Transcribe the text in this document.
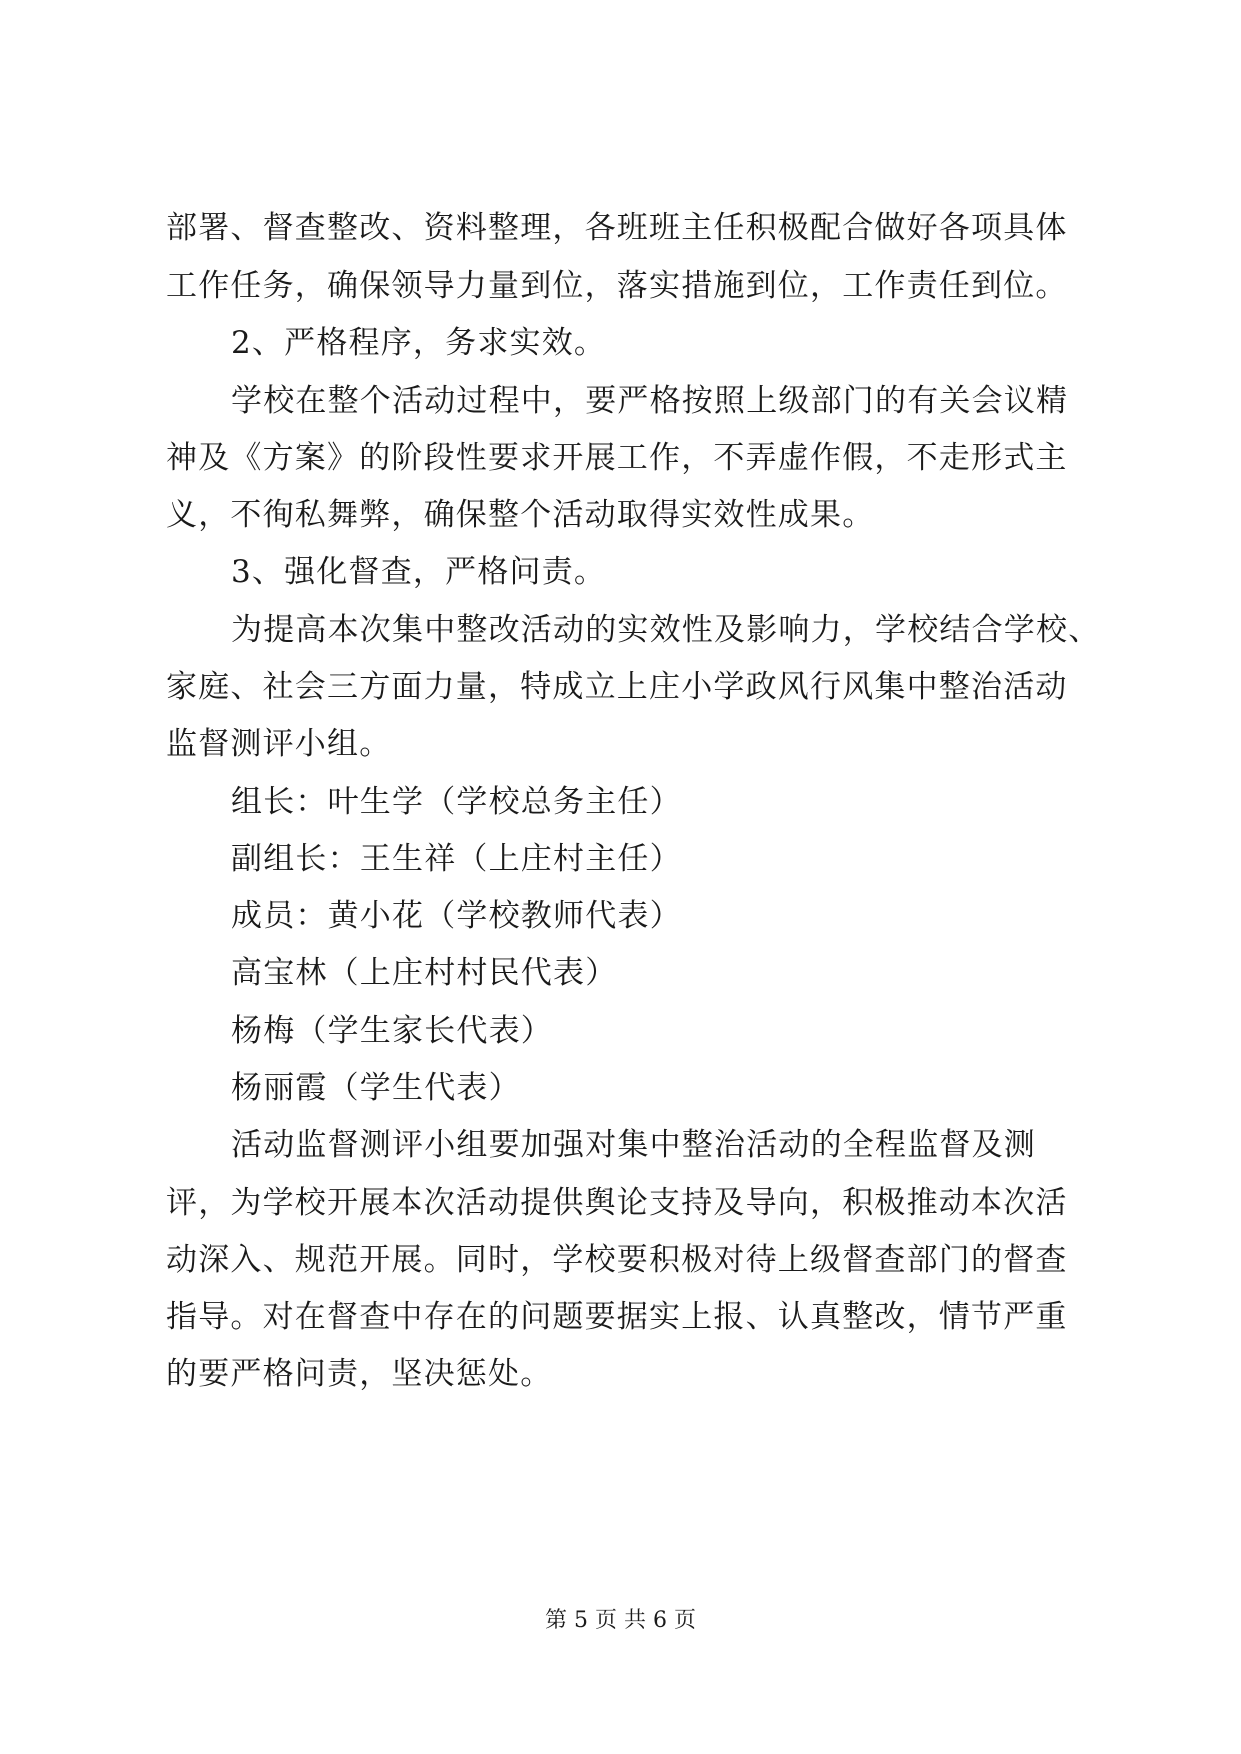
部署、督查整改、资料整理，各班班主任积极配合做好各项具体
工作任务，确保领导力量到位，落实措施到位，工作责任到位。
2、严格程序，务求实效。
学校在整个活动过程中，要严格按照上级部门的有关会议精
神及《方案》的阶段性要求开展工作，不弄虚作假，不走形式主
义，不徇私舞弊，确保整个活动取得实效性成果。
3、强化督查，严格问责。
为提高本次集中整改活动的实效性及影响力，学校结合学校、
家庭、社会三方面力量，特成立上庄小学政风行风集中整治活动
监督测评小组。
组长：叶生学（学校总务主任）
副组长：王生祥（上庄村主任）
成员：黄小花（学校教师代表）
高宝林（上庄村村民代表）
杨梅（学生家长代表）
杨丽霞（学生代表）
活动监督测评小组要加强对集中整治活动的全程监督及测
评，为学校开展本次活动提供舆论支持及导向，积极推动本次活
动深入、规范开展。同时，学校要积极对待上级督查部门的督查
指导。对在督查中存在的问题要据实上报、认真整改，情节严重
的要严格问责，坚决惩处。
第 5 页 共 6 页
